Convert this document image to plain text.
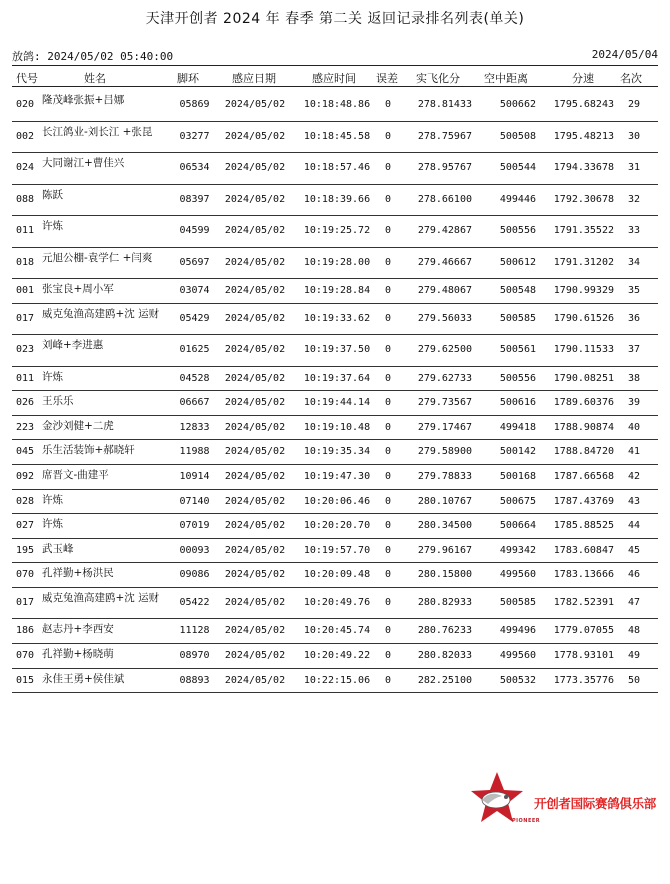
天津开创者 2024 年 春季 第二关 返回记录排名列表(单关)
放鸽: 2024/05/02 05:40:00	2024/05/04
代号	姓名	脚环	感应日期	感应时间 误差 实飞化分 空中距离	分速 名次
020 隆茂峰张振+吕娜	05869	2024/05/02	10:18:48.86	0	278.81433	500662	1795.68243	29
002 长江鸽业-刘长江 +张昆	03277	2024/05/02	10:18:45.58	0	278.75967	500508	1795.48213	30
024 大同谢江+曹佳兴	06534	2024/05/02	10:18:57.46	0	278.95767	500544	1794.33678	31
088 陈跃	08397	2024/05/02	10:18:39.66	0	278.66100	499446	1792.30678	32
011 许炼	04599	2024/05/02	10:19:25.72	0	279.42867	500556	1791.35522	33
018 元旭公棚-袁学仁 +闫爽	05697	2024/05/02	10:19:28.00	0	279.46667	500612	1791.31202	34
001 张宝良+周小军	03074	2024/05/02	10:19:28.84	0	279.48067	500548	1790.99329	35
017 威克兔渔高建鸥+沈 运财	05429	2024/05/02	10:19:33.62	0	279.56033	500585	1790.61526	36
023 刘峰+李进惠	01625	2024/05/02	10:19:37.50	0	279.62500	500561	1790.11533	37
011 许炼	04528	2024/05/02	10:19:37.64	0	279.62733	500556	1790.08251	38
026 王乐乐	06667	2024/05/02	10:19:44.14	0	279.73567	500616	1789.60376	39
223 金沙刘健+二虎	12833	2024/05/02	10:19:10.48	0	279.17467	499418	1788.90874	40
045 乐生活装饰+郝晓轩	11988	2024/05/02	10:19:35.34	0	279.58900	500142	1788.84720	41
092 席晋文-曲建平	10914	2024/05/02	10:19:47.30	0	279.78833	500168	1787.66568	42
028 许炼	07140	2024/05/02	10:20:06.46	0	280.10767	500675	1787.43769	43
027 许炼	07019	2024/05/02	10:20:20.70	0	280.34500	500664	1785.88525	44
195 武玉峰	00093	2024/05/02	10:19:57.70	0	279.96167	499342	1783.60847	45
070 孔祥勤+杨洪民	09086	2024/05/02	10:20:09.48	0	280.15800	499560	1783.13666	46
017 威克兔渔高建鸥+沈 运财	05422	2024/05/02	10:20:49.76	0	280.82933	500585	1782.52391	47
186 赵志丹+李西安	11128	2024/05/02	10:20:45.74	0	280.76233	499496	1779.07055	48
070 孔祥勤+杨晓萌	08970	2024/05/02	10:20:49.22	0	280.82033	499560	1778.93101	49
015 永佳王勇+侯佳斌	08893	2024/05/02	10:22:15.06	0	282.25100	500532	1773.35776	50
PIONEER
开创者国际赛鸽俱乐部
